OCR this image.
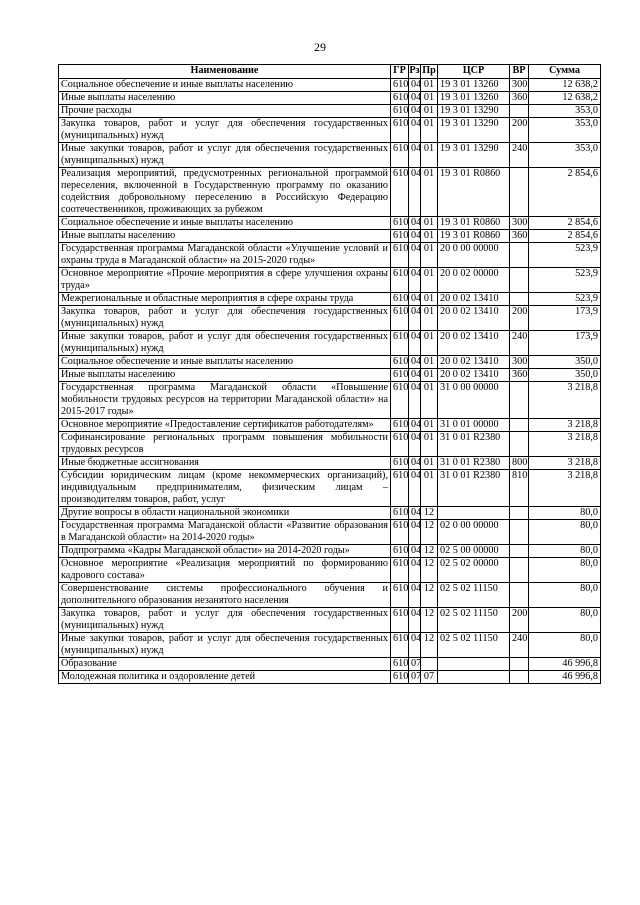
29
Наименование	ГР	Рз	Пр	ЦСР	ВР	Сумма
Социальное обеспечение и иные выплаты населению	610	04	01	19 3 01 13260	300	12 638,2
Иные выплаты населению	610	04	01	19 3 01 13260	360	12 638,2
Прочие расходы	610	04	01	19 3 01 13290		353,0
Закупка товаров, работ и услуг для обеспечения государственных (муниципальных) нужд	610	04	01	19 3 01 13290	200	353,0
Иные закупки товаров, работ и услуг для обеспечения государственных (муниципальных) нужд	610	04	01	19 3 01 13290	240	353,0
Реализация мероприятий, предусмотренных региональной программой переселения, включенной в Государственную программу по оказанию содействия добровольному переселению в Российскую Федерацию соотечественников, проживающих за рубежом	610	04	01	19 3 01 R0860		2 854,6
Социальное обеспечение и иные выплаты населению	610	04	01	19 3 01 R0860	300	2 854,6
Иные выплаты населению	610	04	01	19 3 01 R0860	360	2 854,6
Государственная программа Магаданской области «Улучшение условий и охраны труда в Магаданской области» на 2015-2020 годы»	610	04	01	20 0 00 00000		523,9
Основное мероприятие «Прочие мероприятия в сфере улучшения охраны труда»	610	04	01	20 0 02 00000		523,9
Межрегиональные и областные мероприятия в сфере охраны труда	610	04	01	20 0 02 13410		523,9
Закупка товаров, работ и услуг для обеспечения государственных (муниципальных) нужд	610	04	01	20 0 02 13410	200	173,9
Иные закупки товаров, работ и услуг для обеспечения государственных (муниципальных) нужд	610	04	01	20 0 02 13410	240	173,9
Социальное обеспечение и иные выплаты населению	610	04	01	20 0 02 13410	300	350,0
Иные выплаты населению	610	04	01	20 0 02 13410	360	350,0
Государственная программа Магаданской области «Повышение мобильности трудовых ресурсов на территории Магаданской области» на 2015-2017 годы»	610	04	01	31 0 00 00000		3 218,8
Основное мероприятие «Предоставление сертификатов работодателям»	610	04	01	31 0 01 00000		3 218,8
Софинансирование региональных программ повышения мобильности трудовых ресурсов	610	04	01	31 0 01 R2380		3 218,8
Иные бюджетные ассигнования	610	04	01	31 0 01 R2380	800	3 218,8
Субсидии юридическим лицам (кроме некоммерческих организаций), индивидуальным предпринимателям, физическим лицам – производителям товаров, работ, услуг	610	04	01	31 0 01 R2380	810	3 218,8
Другие вопросы в области национальной экономики	610	04	12			80,0
Государственная программа Магаданской области «Развитие образования в Магаданской области» на 2014-2020 годы»	610	04	12	02 0 00 00000		80,0
Подпрограмма «Кадры Магаданской области» на 2014-2020 годы»	610	04	12	02 5 00 00000		80,0
Основное мероприятие «Реализация мероприятий по формированию кадрового состава»	610	04	12	02 5 02 00000		80,0
Совершенствование системы профессионального обучения и дополнительного образования незанятого населения	610	04	12	02 5 02 11150		80,0
Закупка товаров, работ и услуг для обеспечения государственных (муниципальных) нужд	610	04	12	02 5 02 11150	200	80,0
Иные закупки товаров, работ и услуг для обеспечения государственных (муниципальных) нужд	610	04	12	02 5 02 11150	240	80,0
Образование	610	07				46 996,8
Молодежная политика и оздоровление детей	610	07	07			46 996,8
